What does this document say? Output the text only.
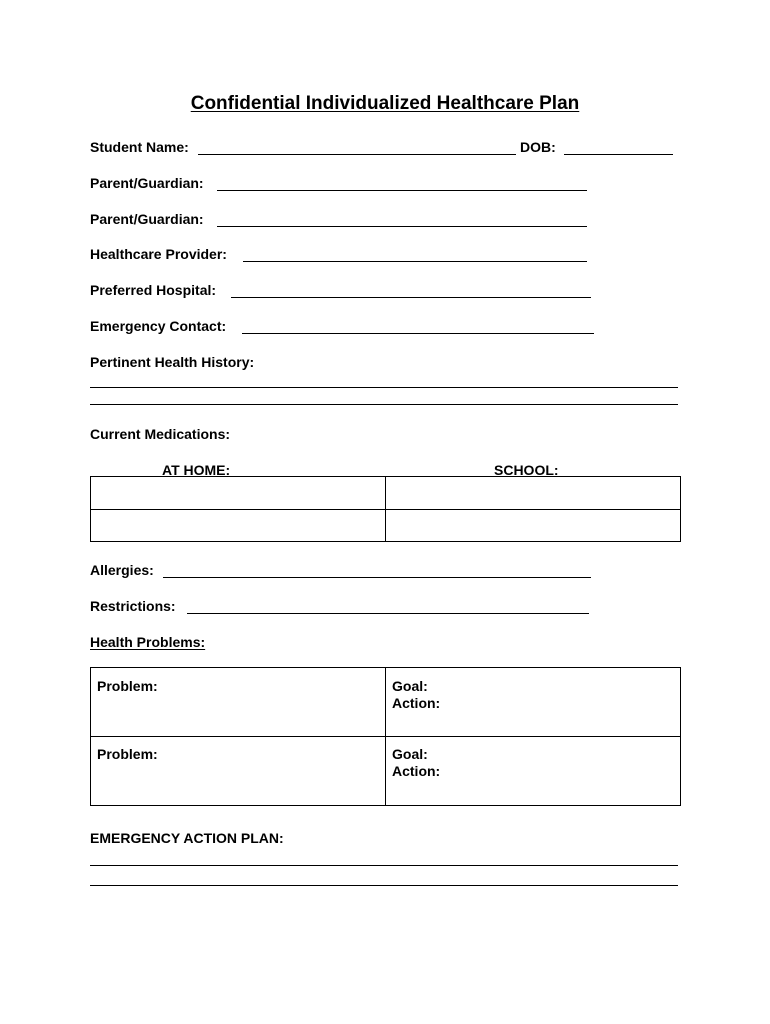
Confidential Individualized Healthcare Plan
Student Name:	DOB:
Parent/Guardian:
Parent/Guardian:
Healthcare Provider:
Preferred Hospital:
Emergency Contact:
Pertinent Health History:
Current Medications:
AT HOME:	SCHOOL:
Allergies:
Restrictions:
Health Problems:
Problem:	Goal:
Action:
Problem:	Goal:
Action:
EMERGENCY ACTION PLAN:
